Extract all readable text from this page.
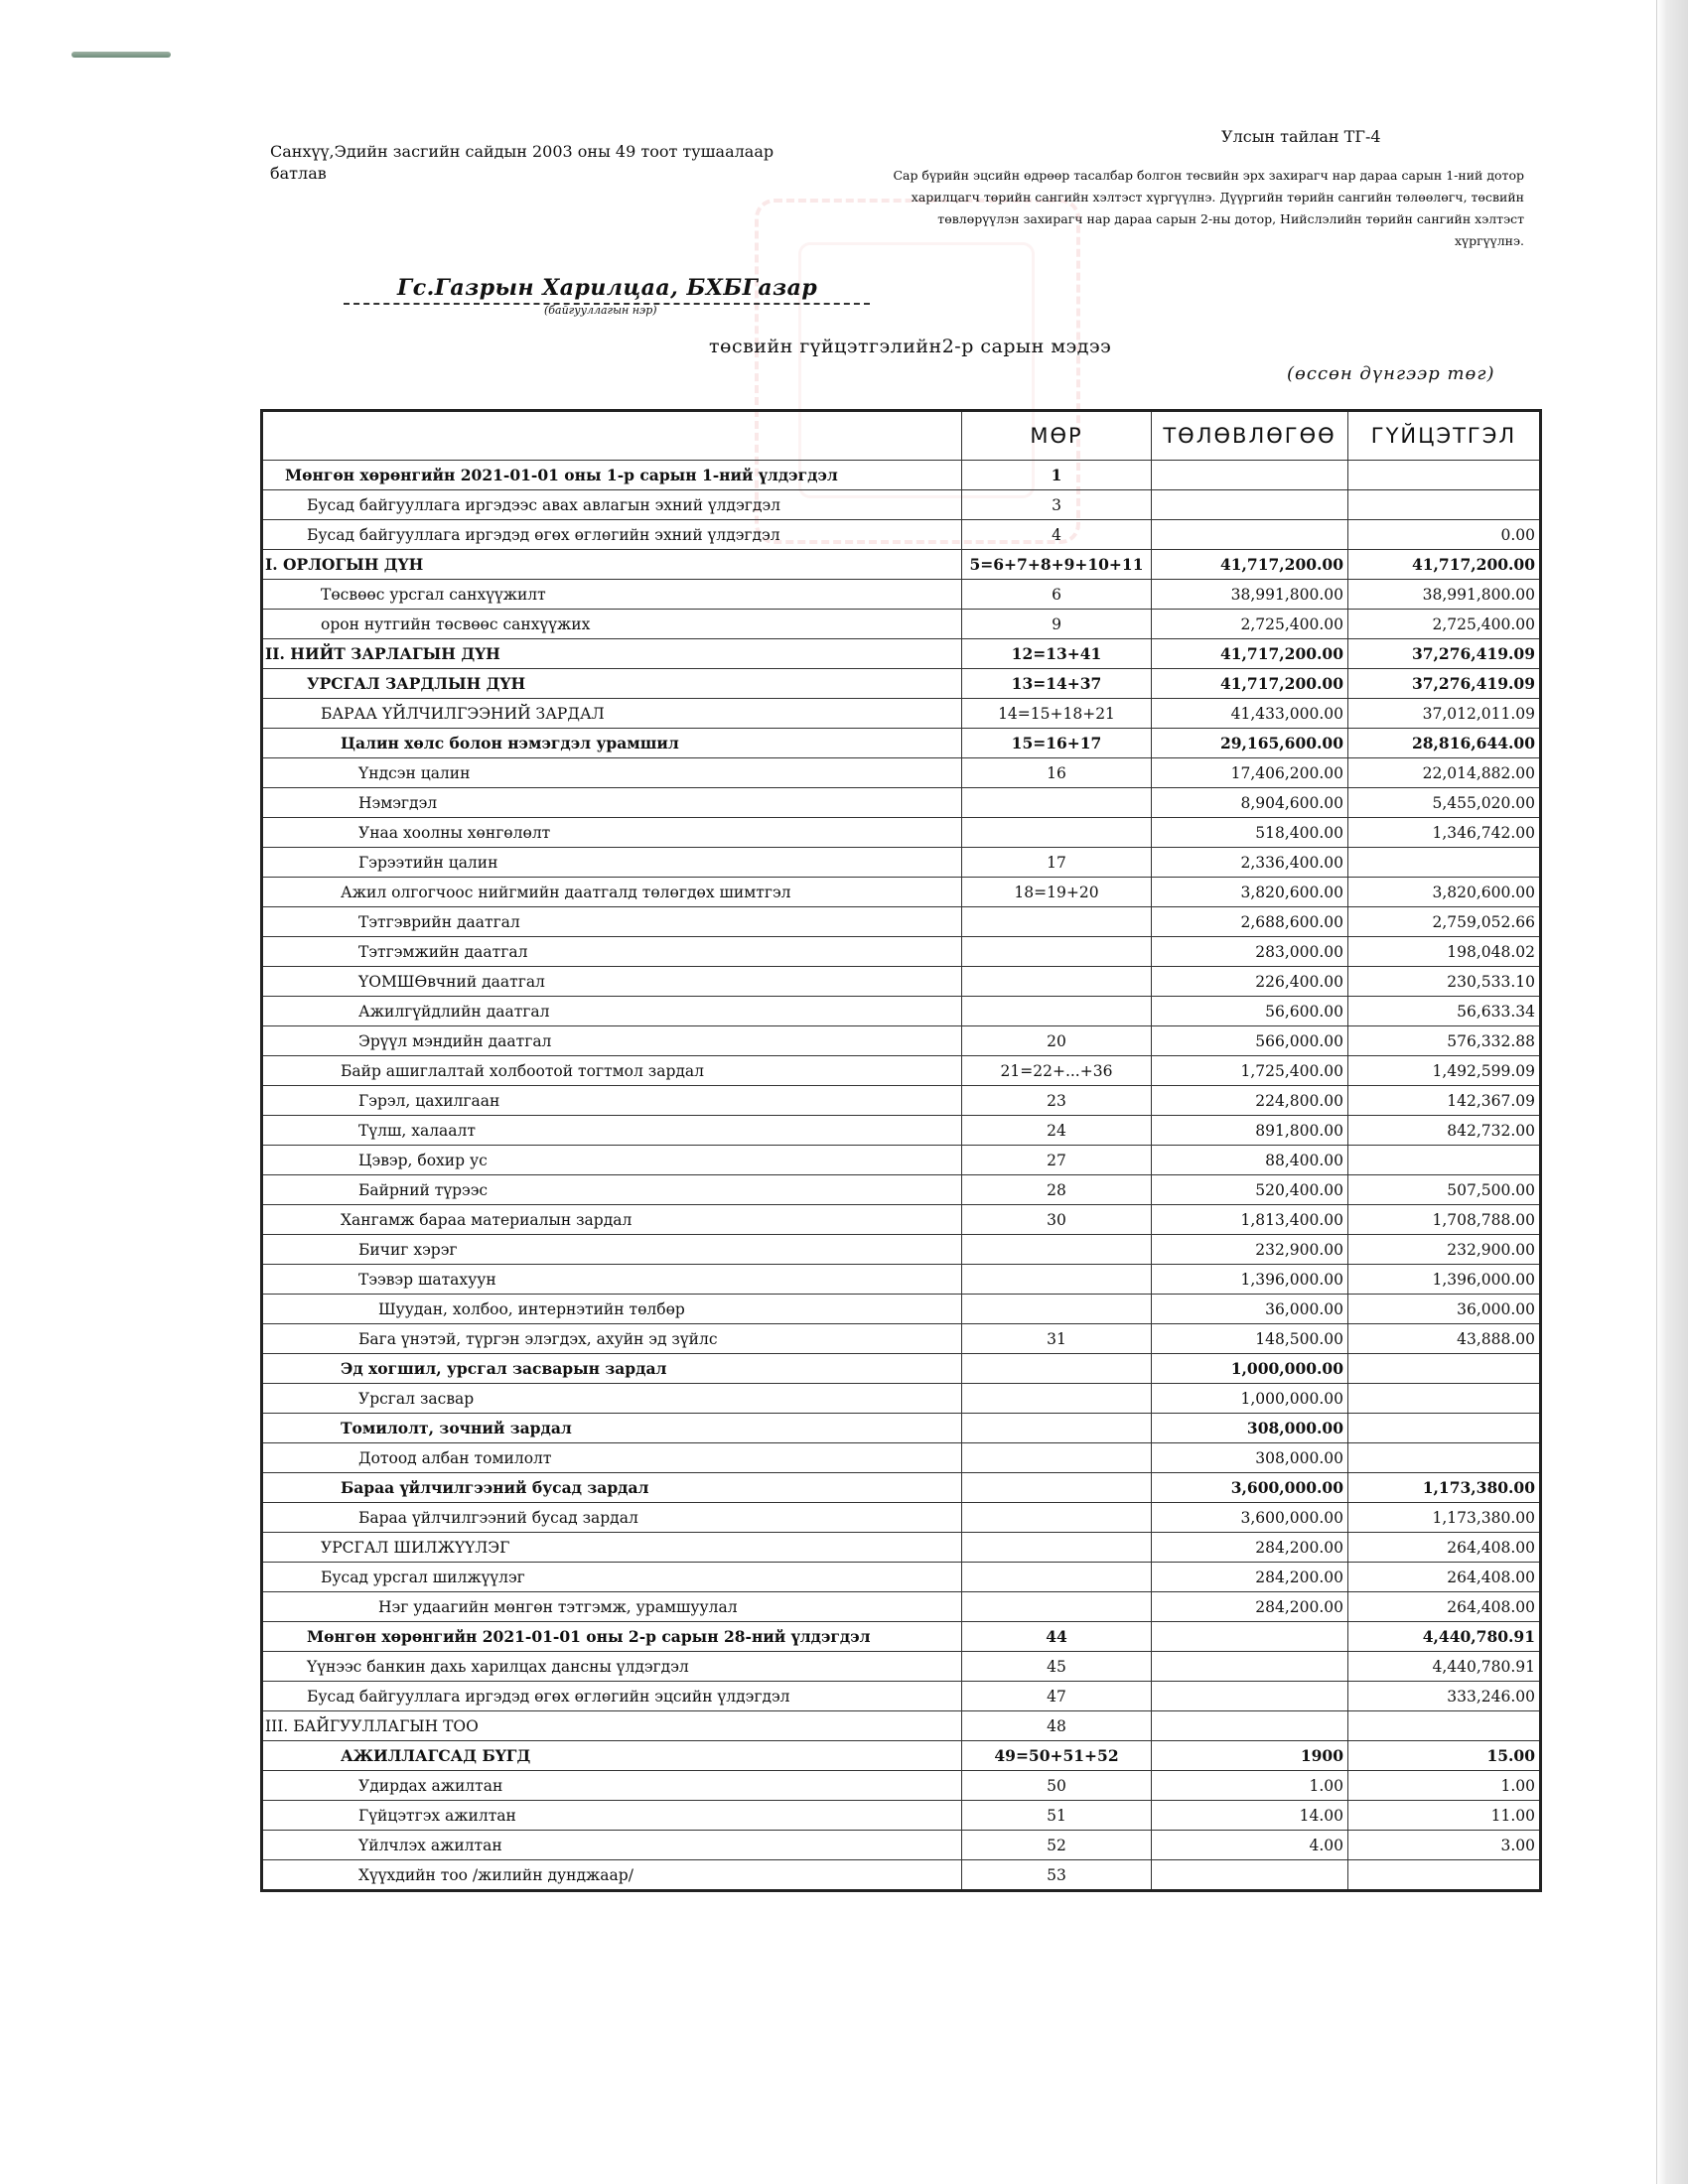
Санхүү,Эдийн засгийн сайдын 2003 оны 49 тоот тушаалаар батлав
Улсын тайлан ТГ-4
Сар бүрийн эцсийн өдрөөр тасалбар болгон төсвийн эрх захирагч нар дараа сарын 1-ний дотор харилцагч төрийн сангийн хэлтэст хүргүүлнэ. Дүүргийн төрийн сангийн төлөөлөгч, төсвийн төвлөрүүлэн захирагч нар дараа сарын 2-ны дотор, Нийслэлийн төрийн сангийн хэлтэст хүргүүлнэ.
Гс.Газрын Харилцаа, БХБГазар
(байгууллагын нэр)
төсвийн гүйцэтгэлийн2-р сарын мэдээ
(өссөн дүнгээр төг)
	МӨР	ТӨЛӨВЛӨГӨӨ	ГҮЙЦЭТГЭЛ
Мөнгөн хөрөнгийн 2021-01-01 оны 1-р сарын 1-ний үлдэгдэл	1		
Бусад байгууллага иргэдээс авах авлагын эхний үлдэгдэл	3		
Бусад байгууллага иргэдэд өгөх өглөгийн эхний үлдэгдэл	4		0.00
I. ОРЛОГЫН ДҮН	5=6+7+8+9+10+11	41,717,200.00	41,717,200.00
Төсвөөс урсгал санхүүжилт	6	38,991,800.00	38,991,800.00
орон нутгийн төсвөөс санхүүжих	9	2,725,400.00	2,725,400.00
II. НИЙТ ЗАРЛАГЫН ДҮН	12=13+41	41,717,200.00	37,276,419.09
УРСГАЛ ЗАРДЛЫН ДҮН	13=14+37	41,717,200.00	37,276,419.09
БАРАА ҮЙЛЧИЛГЭЭНИЙ ЗАРДАЛ	14=15+18+21	41,433,000.00	37,012,011.09
Цалин хөлс болон нэмэгдэл урамшил	15=16+17	29,165,600.00	28,816,644.00
Үндсэн цалин	16	17,406,200.00	22,014,882.00
Нэмэгдэл		8,904,600.00	5,455,020.00
Унаа хоолны хөнгөлөлт		518,400.00	1,346,742.00
Гэрээтийн цалин	17	2,336,400.00	
Ажил олгогчоос нийгмийн даатгалд төлөгдөх шимтгэл	18=19+20	3,820,600.00	3,820,600.00
Тэтгэврийн даатгал		2,688,600.00	2,759,052.66
Тэтгэмжийн даатгал		283,000.00	198,048.02
ҮОМШӨвчний даатгал		226,400.00	230,533.10
Ажилгүйдлийн даатгал		56,600.00	56,633.34
Эрүүл мэндийн даатгал	20	566,000.00	576,332.88
Байр ашиглалтай холбоотой тогтмол зардал	21=22+...+36	1,725,400.00	1,492,599.09
Гэрэл, цахилгаан	23	224,800.00	142,367.09
Түлш, халаалт	24	891,800.00	842,732.00
Цэвэр, бохир ус	27	88,400.00	
Байрний түрээс	28	520,400.00	507,500.00
Хангамж бараа материалын зардал	30	1,813,400.00	1,708,788.00
Бичиг хэрэг		232,900.00	232,900.00
Тээвэр шатахуун		1,396,000.00	1,396,000.00
Шуудан, холбоо, интернэтийн төлбөр		36,000.00	36,000.00
Бага үнэтэй, түргэн элэгдэх, ахуйн эд зүйлс	31	148,500.00	43,888.00
Эд хогшил, урсгал засварын зардал		1,000,000.00	
Урсгал засвар		1,000,000.00	
Томилолт, зочний зардал		308,000.00	
Дотоод албан томилолт		308,000.00	
Бараа үйлчилгээний бусад зардал		3,600,000.00	1,173,380.00
Бараа үйлчилгээний бусад зардал		3,600,000.00	1,173,380.00
УРСГАЛ ШИЛЖҮҮЛЭГ		284,200.00	264,408.00
Бусад урсгал шилжүүлэг		284,200.00	264,408.00
Нэг удаагийн мөнгөн тэтгэмж, урамшуулал		284,200.00	264,408.00
Мөнгөн хөрөнгийн 2021-01-01 оны 2-р сарын 28-ний үлдэгдэл	44		4,440,780.91
Үүнээс банкин дахь харилцах дансны үлдэгдэл	45		4,440,780.91
Бусад байгууллага иргэдэд өгөх өглөгийн эцсийн үлдэгдэл	47		333,246.00
III. БАЙГУУЛЛАГЫН ТОО	48		
АЖИЛЛАГСАД БҮГД	49=50+51+52	1900	15.00
Удирдах ажилтан	50	1.00	1.00
Гүйцэтгэх ажилтан	51	14.00	11.00
Үйлчлэх ажилтан	52	4.00	3.00
Хүүхдийн тоо /жилийн дунджаар/	53		
